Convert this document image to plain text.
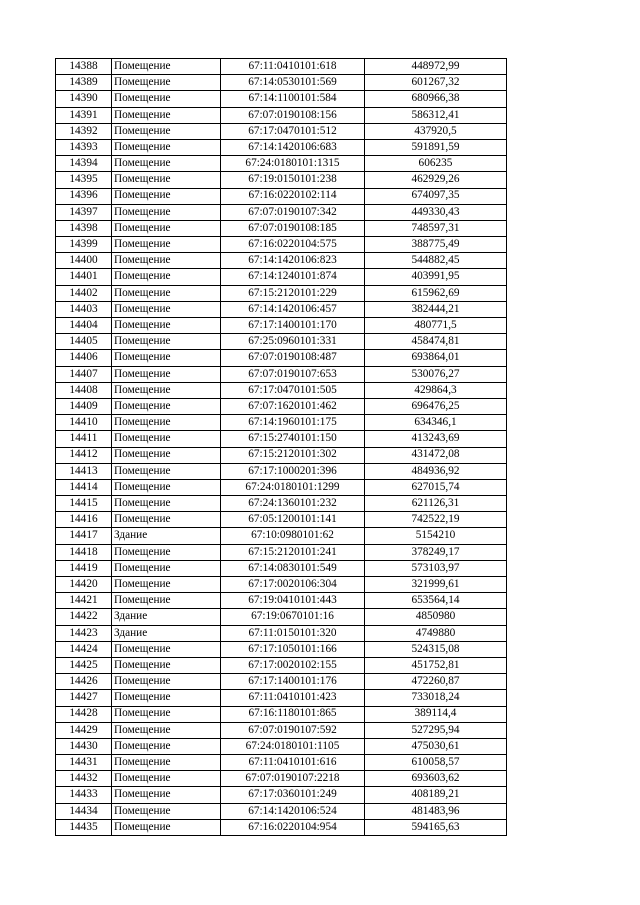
14388	Помещение	67:11:0410101:618	448972,99
14389	Помещение	67:14:0530101:569	601267,32
14390	Помещение	67:14:1100101:584	680966,38
14391	Помещение	67:07:0190108:156	586312,41
14392	Помещение	67:17:0470101:512	437920,5
14393	Помещение	67:14:1420106:683	591891,59
14394	Помещение	67:24:0180101:1315	606235
14395	Помещение	67:19:0150101:238	462929,26
14396	Помещение	67:16:0220102:114	674097,35
14397	Помещение	67:07:0190107:342	449330,43
14398	Помещение	67:07:0190108:185	748597,31
14399	Помещение	67:16:0220104:575	388775,49
14400	Помещение	67:14:1420106:823	544882,45
14401	Помещение	67:14:1240101:874	403991,95
14402	Помещение	67:15:2120101:229	615962,69
14403	Помещение	67:14:1420106:457	382444,21
14404	Помещение	67:17:1400101:170	480771,5
14405	Помещение	67:25:0960101:331	458474,81
14406	Помещение	67:07:0190108:487	693864,01
14407	Помещение	67:07:0190107:653	530076,27
14408	Помещение	67:17:0470101:505	429864,3
14409	Помещение	67:07:1620101:462	696476,25
14410	Помещение	67:14:1960101:175	634346,1
14411	Помещение	67:15:2740101:150	413243,69
14412	Помещение	67:15:2120101:302	431472,08
14413	Помещение	67:17:1000201:396	484936,92
14414	Помещение	67:24:0180101:1299	627015,74
14415	Помещение	67:24:1360101:232	621126,31
14416	Помещение	67:05:1200101:141	742522,19
14417	Здание	67:10:0980101:62	5154210
14418	Помещение	67:15:2120101:241	378249,17
14419	Помещение	67:14:0830101:549	573103,97
14420	Помещение	67:17:0020106:304	321999,61
14421	Помещение	67:19:0410101:443	653564,14
14422	Здание	67:19:0670101:16	4850980
14423	Здание	67:11:0150101:320	4749880
14424	Помещение	67:17:1050101:166	524315,08
14425	Помещение	67:17:0020102:155	451752,81
14426	Помещение	67:17:1400101:176	472260,87
14427	Помещение	67:11:0410101:423	733018,24
14428	Помещение	67:16:1180101:865	389114,4
14429	Помещение	67:07:0190107:592	527295,94
14430	Помещение	67:24:0180101:1105	475030,61
14431	Помещение	67:11:0410101:616	610058,57
14432	Помещение	67:07:0190107:2218	693603,62
14433	Помещение	67:17:0360101:249	408189,21
14434	Помещение	67:14:1420106:524	481483,96
14435	Помещение	67:16:0220104:954	594165,63
